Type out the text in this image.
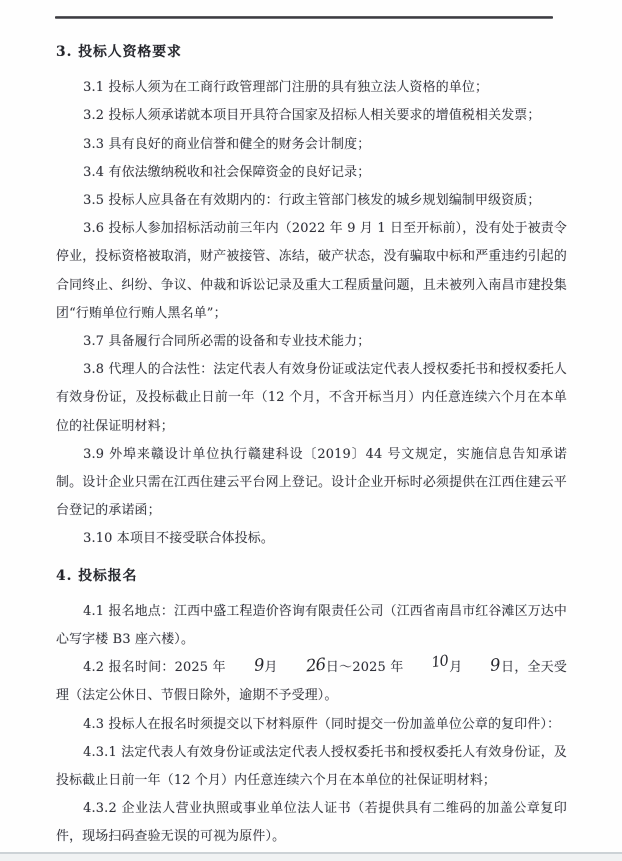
3. 投标人资格要求

3.1 投标人须为在工商行政管理部门注册的具有独立法人资格的单位；

3.2 投标人须承诺就本项目开具符合国家及招标人相关要求的增值税相关发票；

3.3 具有良好的商业信誉和健全的财务会计制度；

3.4 有依法缴纳税收和社会保障资金的良好记录；

3.5 投标人应具备在有效期内的：行政主管部门核发的城乡规划编制甲级资质；

3.6 投标人参加招标活动前三年内（2022 年 9 月 1 日至开标前），没有处于被责令停业，投标资格被取消，财产被接管、冻结，破产状态，没有骗取中标和严重违约引起的合同终止、纠纷、争议、仲裁和诉讼记录及重大工程质量问题，且未被列入南昌市建投集团“行贿单位行贿人黑名单”；

3.7 具备履行合同所必需的设备和专业技术能力；

3.8 代理人的合法性：法定代表人有效身份证或法定代表人授权委托书和授权委托人有效身份证，及投标截止日前一年（12 个月，不含开标当月）内任意连续六个月在本单位的社保证明材料；

3.9 外埠来赣设计单位执行赣建科设〔2019〕44 号文规定，实施信息告知承诺制。设计企业只需在江西住建云平台网上登记。设计企业开标时必须提供在江西住建云平台登记的承诺函；

3.10 本项目不接受联合体投标。

4. 投标报名

4.1 报名地点：江西中盛工程造价咨询有限责任公司（江西省南昌市红谷滩区万达中心写字楼 B3 座六楼）。

4.2 报名时间：2025 年 9月 26日～2025 年 10月 9日，全天受理（法定公休日、节假日除外，逾期不予受理）。

4.3 投标人在报名时须提交以下材料原件（同时提交一份加盖单位公章的复印件）：

4.3.1 法定代表人有效身份证或法定代表人授权委托书和授权委托人有效身份证，及投标截止日前一年（12 个月）内任意连续六个月在本单位的社保证明材料；

4.3.2 企业法人营业执照或事业单位法人证书（若提供具有二维码的加盖公章复印件，现场扫码查验无误的可视为原件）。
